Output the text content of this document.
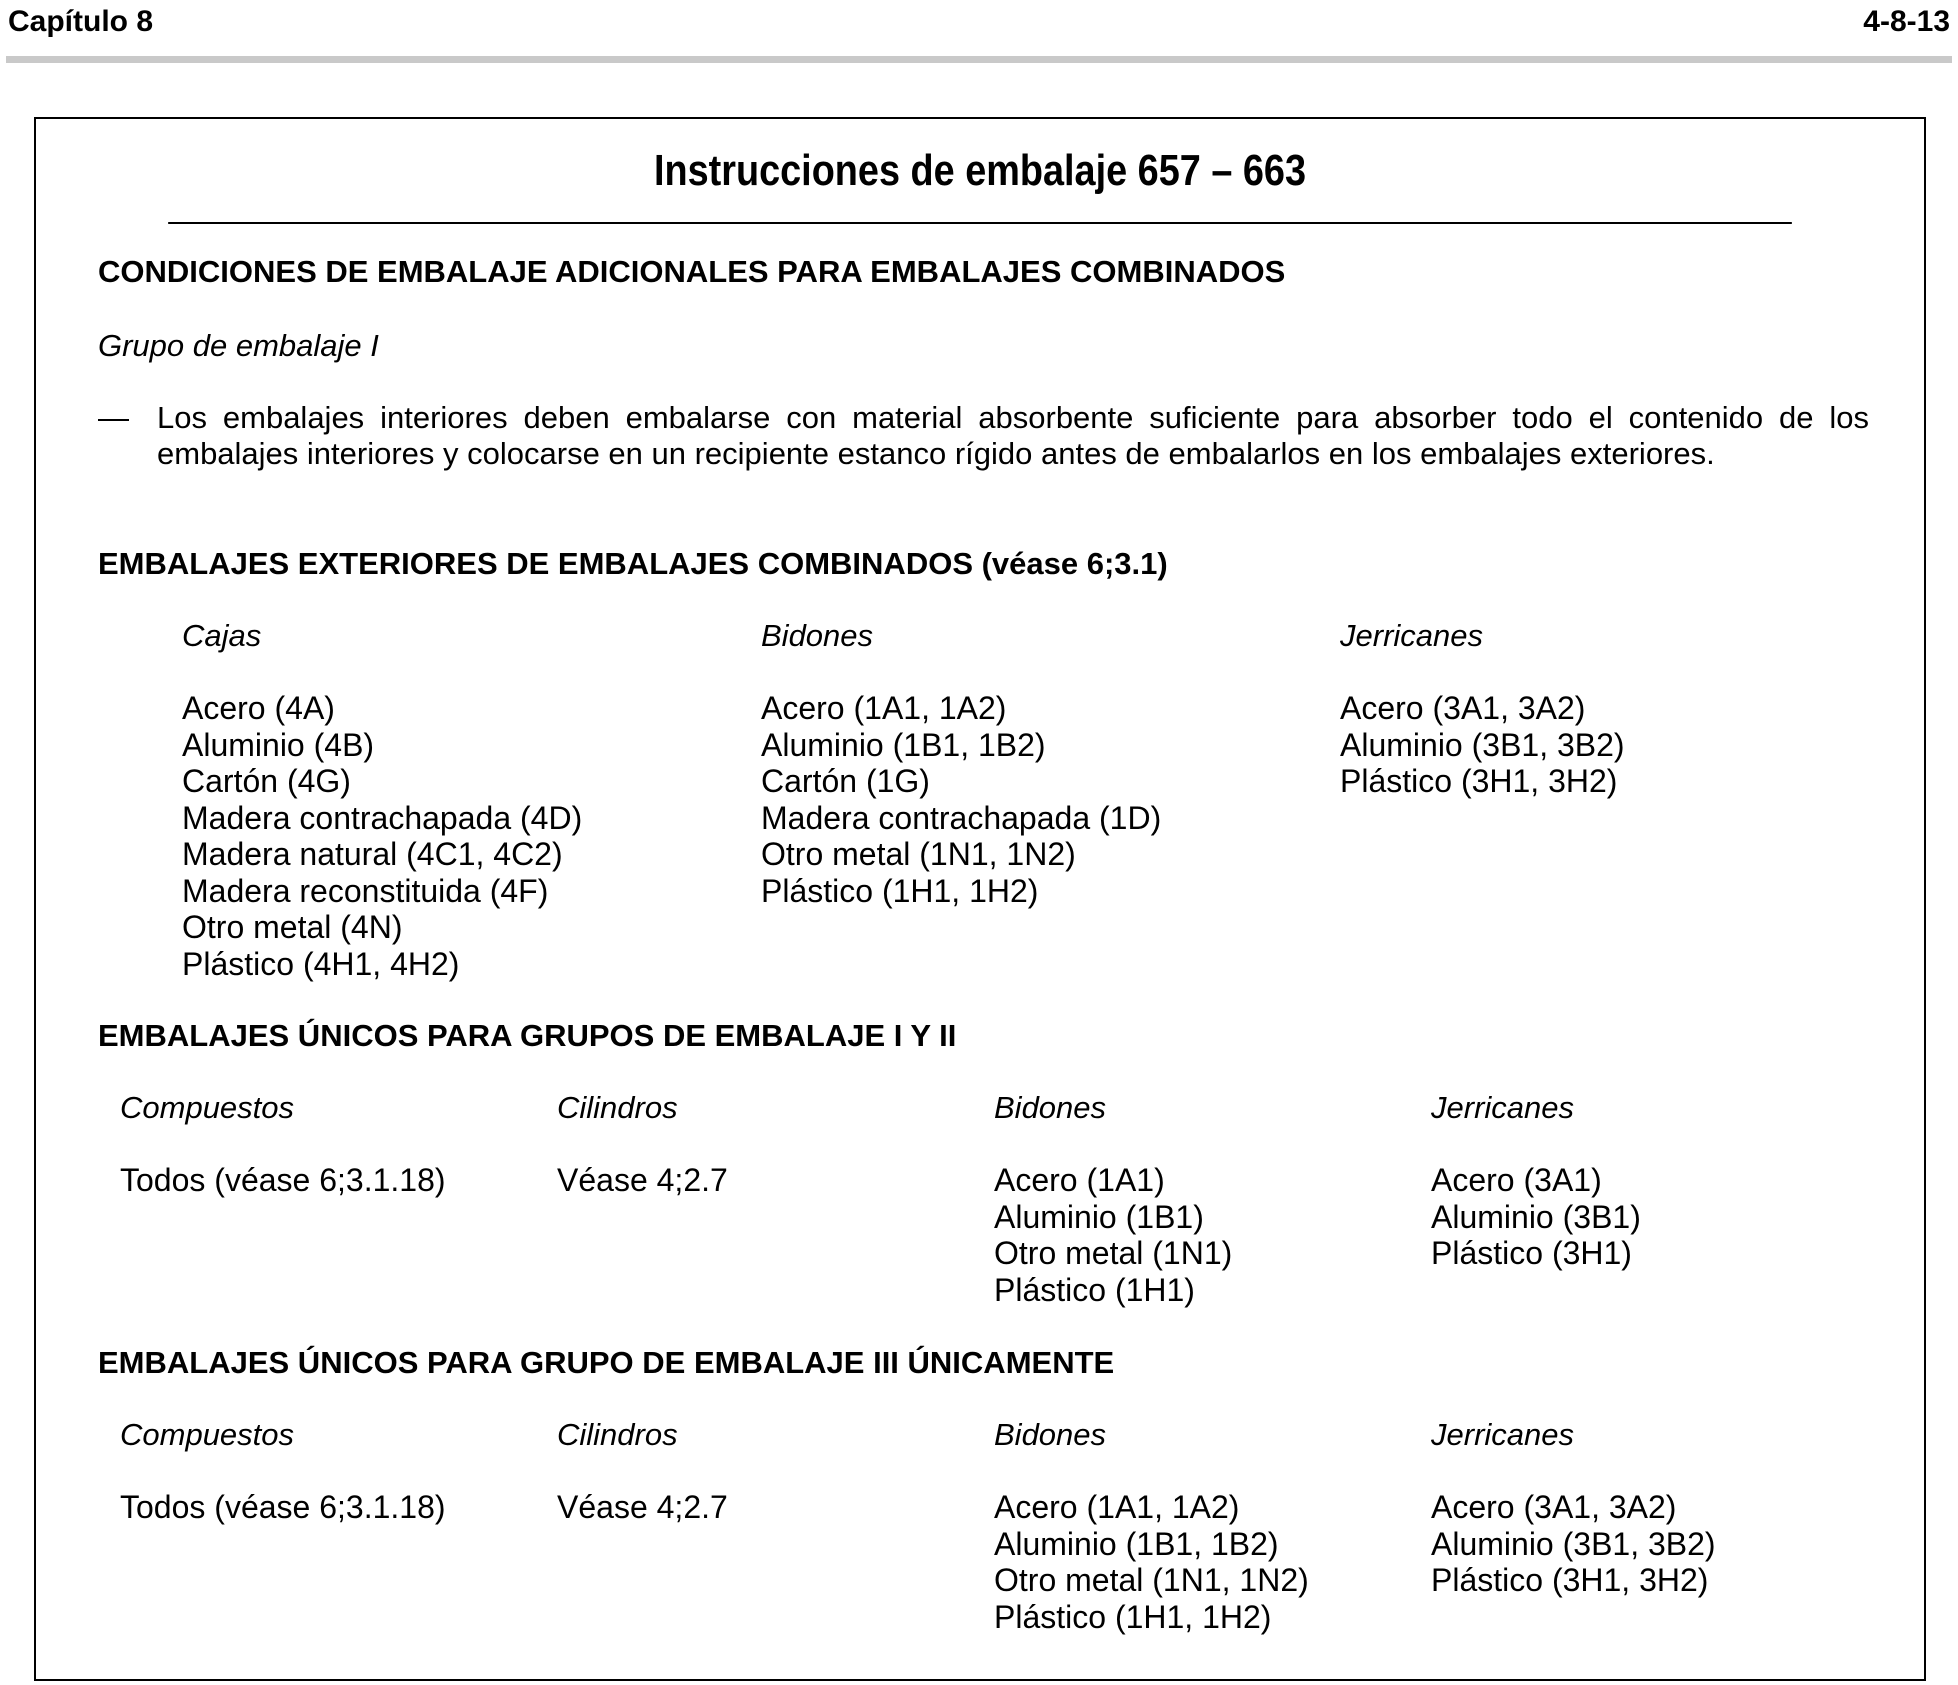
Capítulo 8	4-8-13
Instrucciones de embalaje 657 – 663
CONDICIONES DE EMBALAJE ADICIONALES PARA EMBALAJES COMBINADOS
Grupo de embalaje I
— Los embalajes interiores deben embalarse con material absorbente suficiente para absorber todo el contenido de los embalajes interiores y colocarse en un recipiente estanco rígido antes de embalarlos en los embalajes exteriores.
EMBALAJES EXTERIORES DE EMBALAJES COMBINADOS (véase 6;3.1)
Cajas
Acero (4A)
Aluminio (4B)
Cartón (4G)
Madera contrachapada (4D)
Madera natural (4C1, 4C2)
Madera reconstituida (4F)
Otro metal (4N)
Plástico (4H1, 4H2)
Bidones
Acero (1A1, 1A2)
Aluminio (1B1, 1B2)
Cartón (1G)
Madera contrachapada (1D)
Otro metal (1N1, 1N2)
Plástico (1H1, 1H2)
Jerricanes
Acero (3A1, 3A2)
Aluminio (3B1, 3B2)
Plástico (3H1, 3H2)
EMBALAJES ÚNICOS PARA GRUPOS DE EMBALAJE I Y II
Compuestos
Todos (véase 6;3.1.18)
Cilindros
Véase 4;2.7
Bidones
Acero (1A1)
Aluminio (1B1)
Otro metal (1N1)
Plástico (1H1)
Jerricanes
Acero (3A1)
Aluminio (3B1)
Plástico (3H1)
EMBALAJES ÚNICOS PARA GRUPO DE EMBALAJE III ÚNICAMENTE
Compuestos
Todos (véase 6;3.1.18)
Cilindros
Véase 4;2.7
Bidones
Acero (1A1, 1A2)
Aluminio (1B1, 1B2)
Otro metal (1N1, 1N2)
Plástico (1H1, 1H2)
Jerricanes
Acero (3A1, 3A2)
Aluminio (3B1, 3B2)
Plástico (3H1, 3H2)
